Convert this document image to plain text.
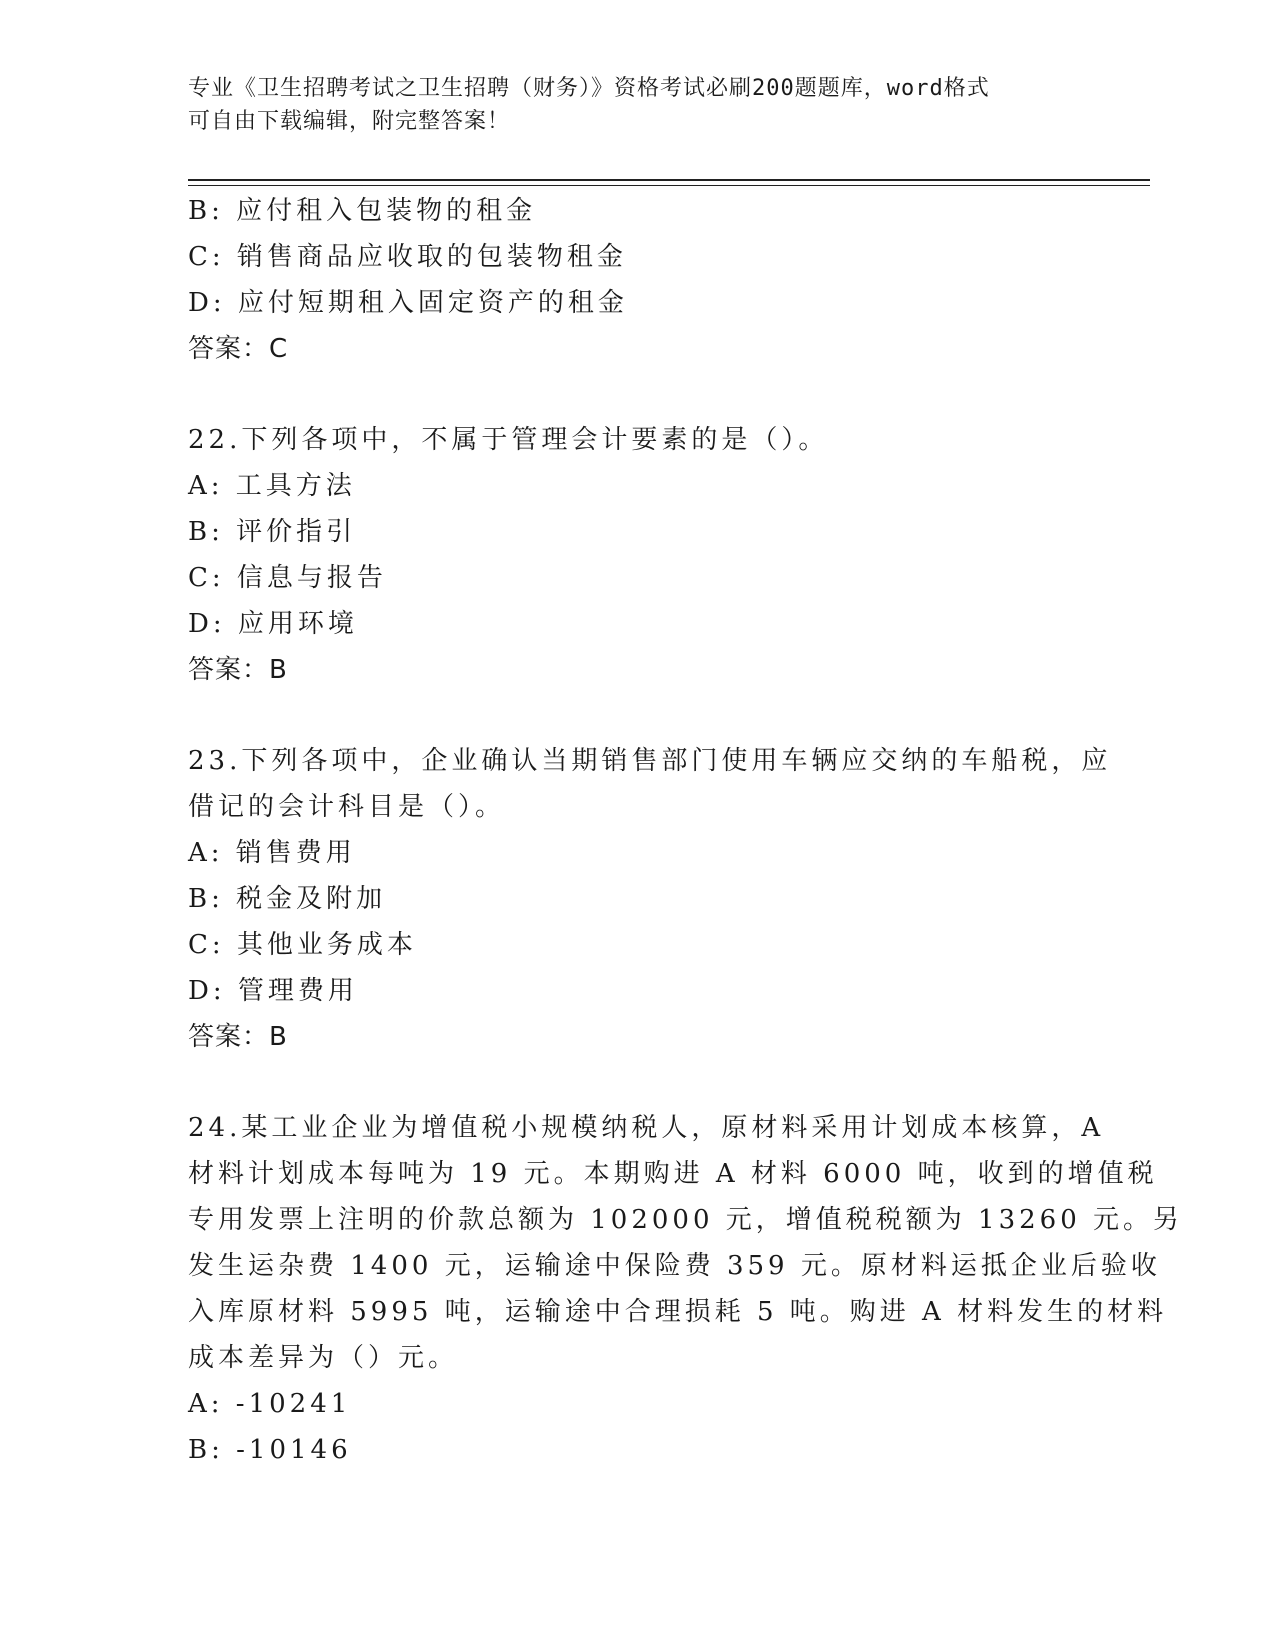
专业《卫生招聘考试之卫生招聘（财务）》资格考试必刷200题题库，word格式
可自由下载编辑，附完整答案！

B: 应付租入包装物的租金

C: 销售商品应收取的包装物租金

D: 应付短期租入固定资产的租金

答案：C

22.下列各项中，不属于管理会计要素的是（）。

A: 工具方法

B: 评价指引

C: 信息与报告

D: 应用环境

答案：B

23.下列各项中，企业确认当期销售部门使用车辆应交纳的车船税，应

借记的会计科目是（）。

A: 销售费用

B: 税金及附加

C: 其他业务成本

D: 管理费用

答案：B

24.某工业企业为增值税小规模纳税人，原材料采用计划成本核算，A

材料计划成本每吨为 19 元。本期购进 A 材料 6000 吨，收到的增值税

专用发票上注明的价款总额为 102000 元，增值税税额为 13260 元。另

发生运杂费 1400 元，运输途中保险费 359 元。原材料运抵企业后验收

入库原材料 5995 吨，运输途中合理损耗 5 吨。购进 A 材料发生的材料

成本差异为（）元。

A: -10241

B: -10146
